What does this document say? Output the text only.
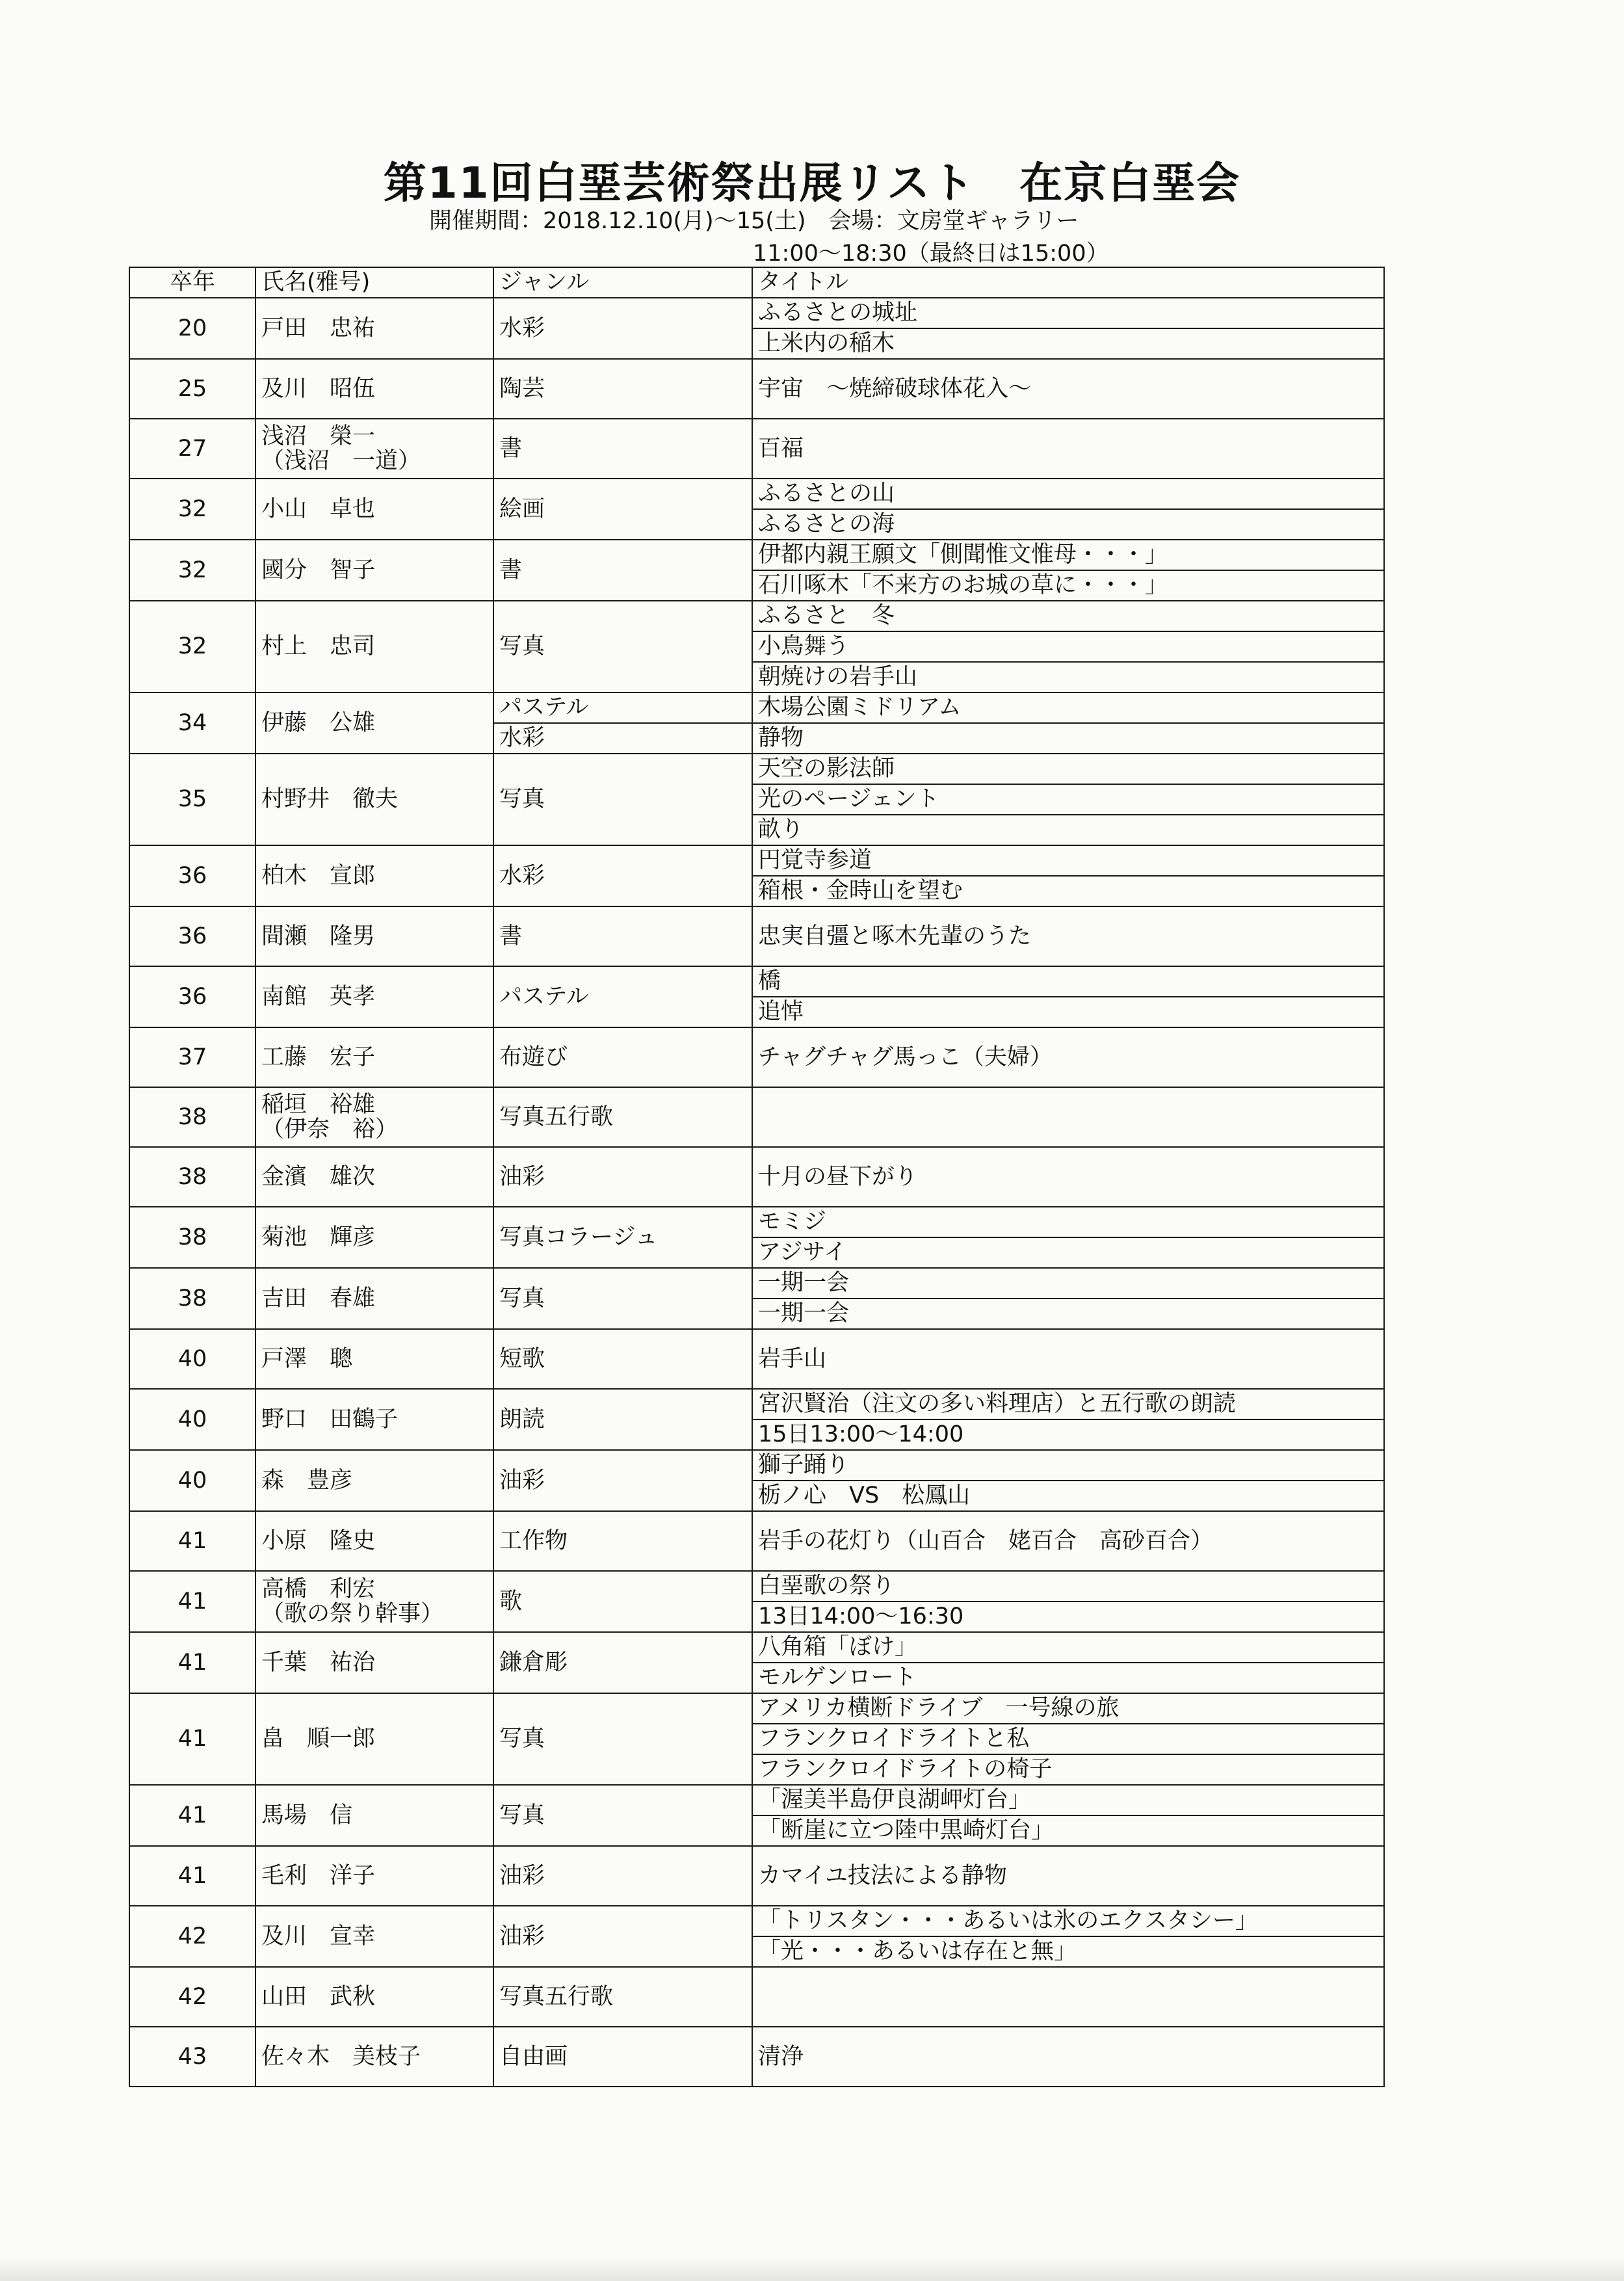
第11回白堊芸術祭出展リスト　在京白堊会
開催期間：2018.12.10(月)～15(土)　会場：文房堂ギャラリー
11:00～18:30（最終日は15:00）
卒年	氏名(雅号)	ジャンル	タイトル
20	戸田　忠祐	水彩	ふるさとの城址
			上米内の稲木
25	及川　昭伍	陶芸	宇宙　～焼締破球体花入～
27	浅沼　榮一
（浅沼　一道）	書	百福
32	小山　卓也	絵画	ふるさとの山
			ふるさとの海
32	國分　智子	書	伊都内親王願文「側聞惟文惟母・・・」
			石川啄木「不来方のお城の草に・・・」
32	村上　忠司	写真	ふるさと　冬
			小鳥舞う
			朝焼けの岩手山
34	伊藤　公雄	パステル	木場公園ミドリアム
		水彩	静物
35	村野井　徹夫	写真	天空の影法師
			光のページェント
			畝り
36	柏木　宣郎	水彩	円覚寺参道
			箱根・金時山を望む
36	間瀬　隆男	書	忠実自彊と啄木先輩のうた
36	南館　英孝	パステル	橋
			追悼
37	工藤　宏子	布遊び	チャグチャグ馬っこ（夫婦）
38	稲垣　裕雄
（伊奈　裕）	写真五行歌	
38	金濱　雄次	油彩	十月の昼下がり
38	菊池　輝彦	写真コラージュ	モミジ
			アジサイ
38	吉田　春雄	写真	一期一会
			一期一会
40	戸澤　聰	短歌	岩手山
40	野口　田鶴子	朗読	宮沢賢治（注文の多い料理店）と五行歌の朗読
			15日13:00～14:00
40	森　豊彦	油彩	獅子踊り
			栃ノ心　VS　松鳳山
41	小原　隆史	工作物	岩手の花灯り（山百合　姥百合　高砂百合）
41	高橋　利宏
（歌の祭り幹事）	歌	白堊歌の祭り
			13日14:00～16:30
41	千葉　祐治	鎌倉彫	八角箱「ぼけ」
			モルゲンロート
41	畠　順一郎	写真	アメリカ横断ドライブ　一号線の旅
			フランクロイドライトと私
			フランクロイドライトの椅子
41	馬場　信	写真	「渥美半島伊良湖岬灯台」
			「断崖に立つ陸中黒崎灯台」
41	毛利　洋子	油彩	カマイユ技法による静物
42	及川　宣幸	油彩	「トリスタン・・・あるいは氷のエクスタシー」
			「光・・・あるいは存在と無」
42	山田　武秋	写真五行歌	
43	佐々木　美枝子	自由画	清浄
